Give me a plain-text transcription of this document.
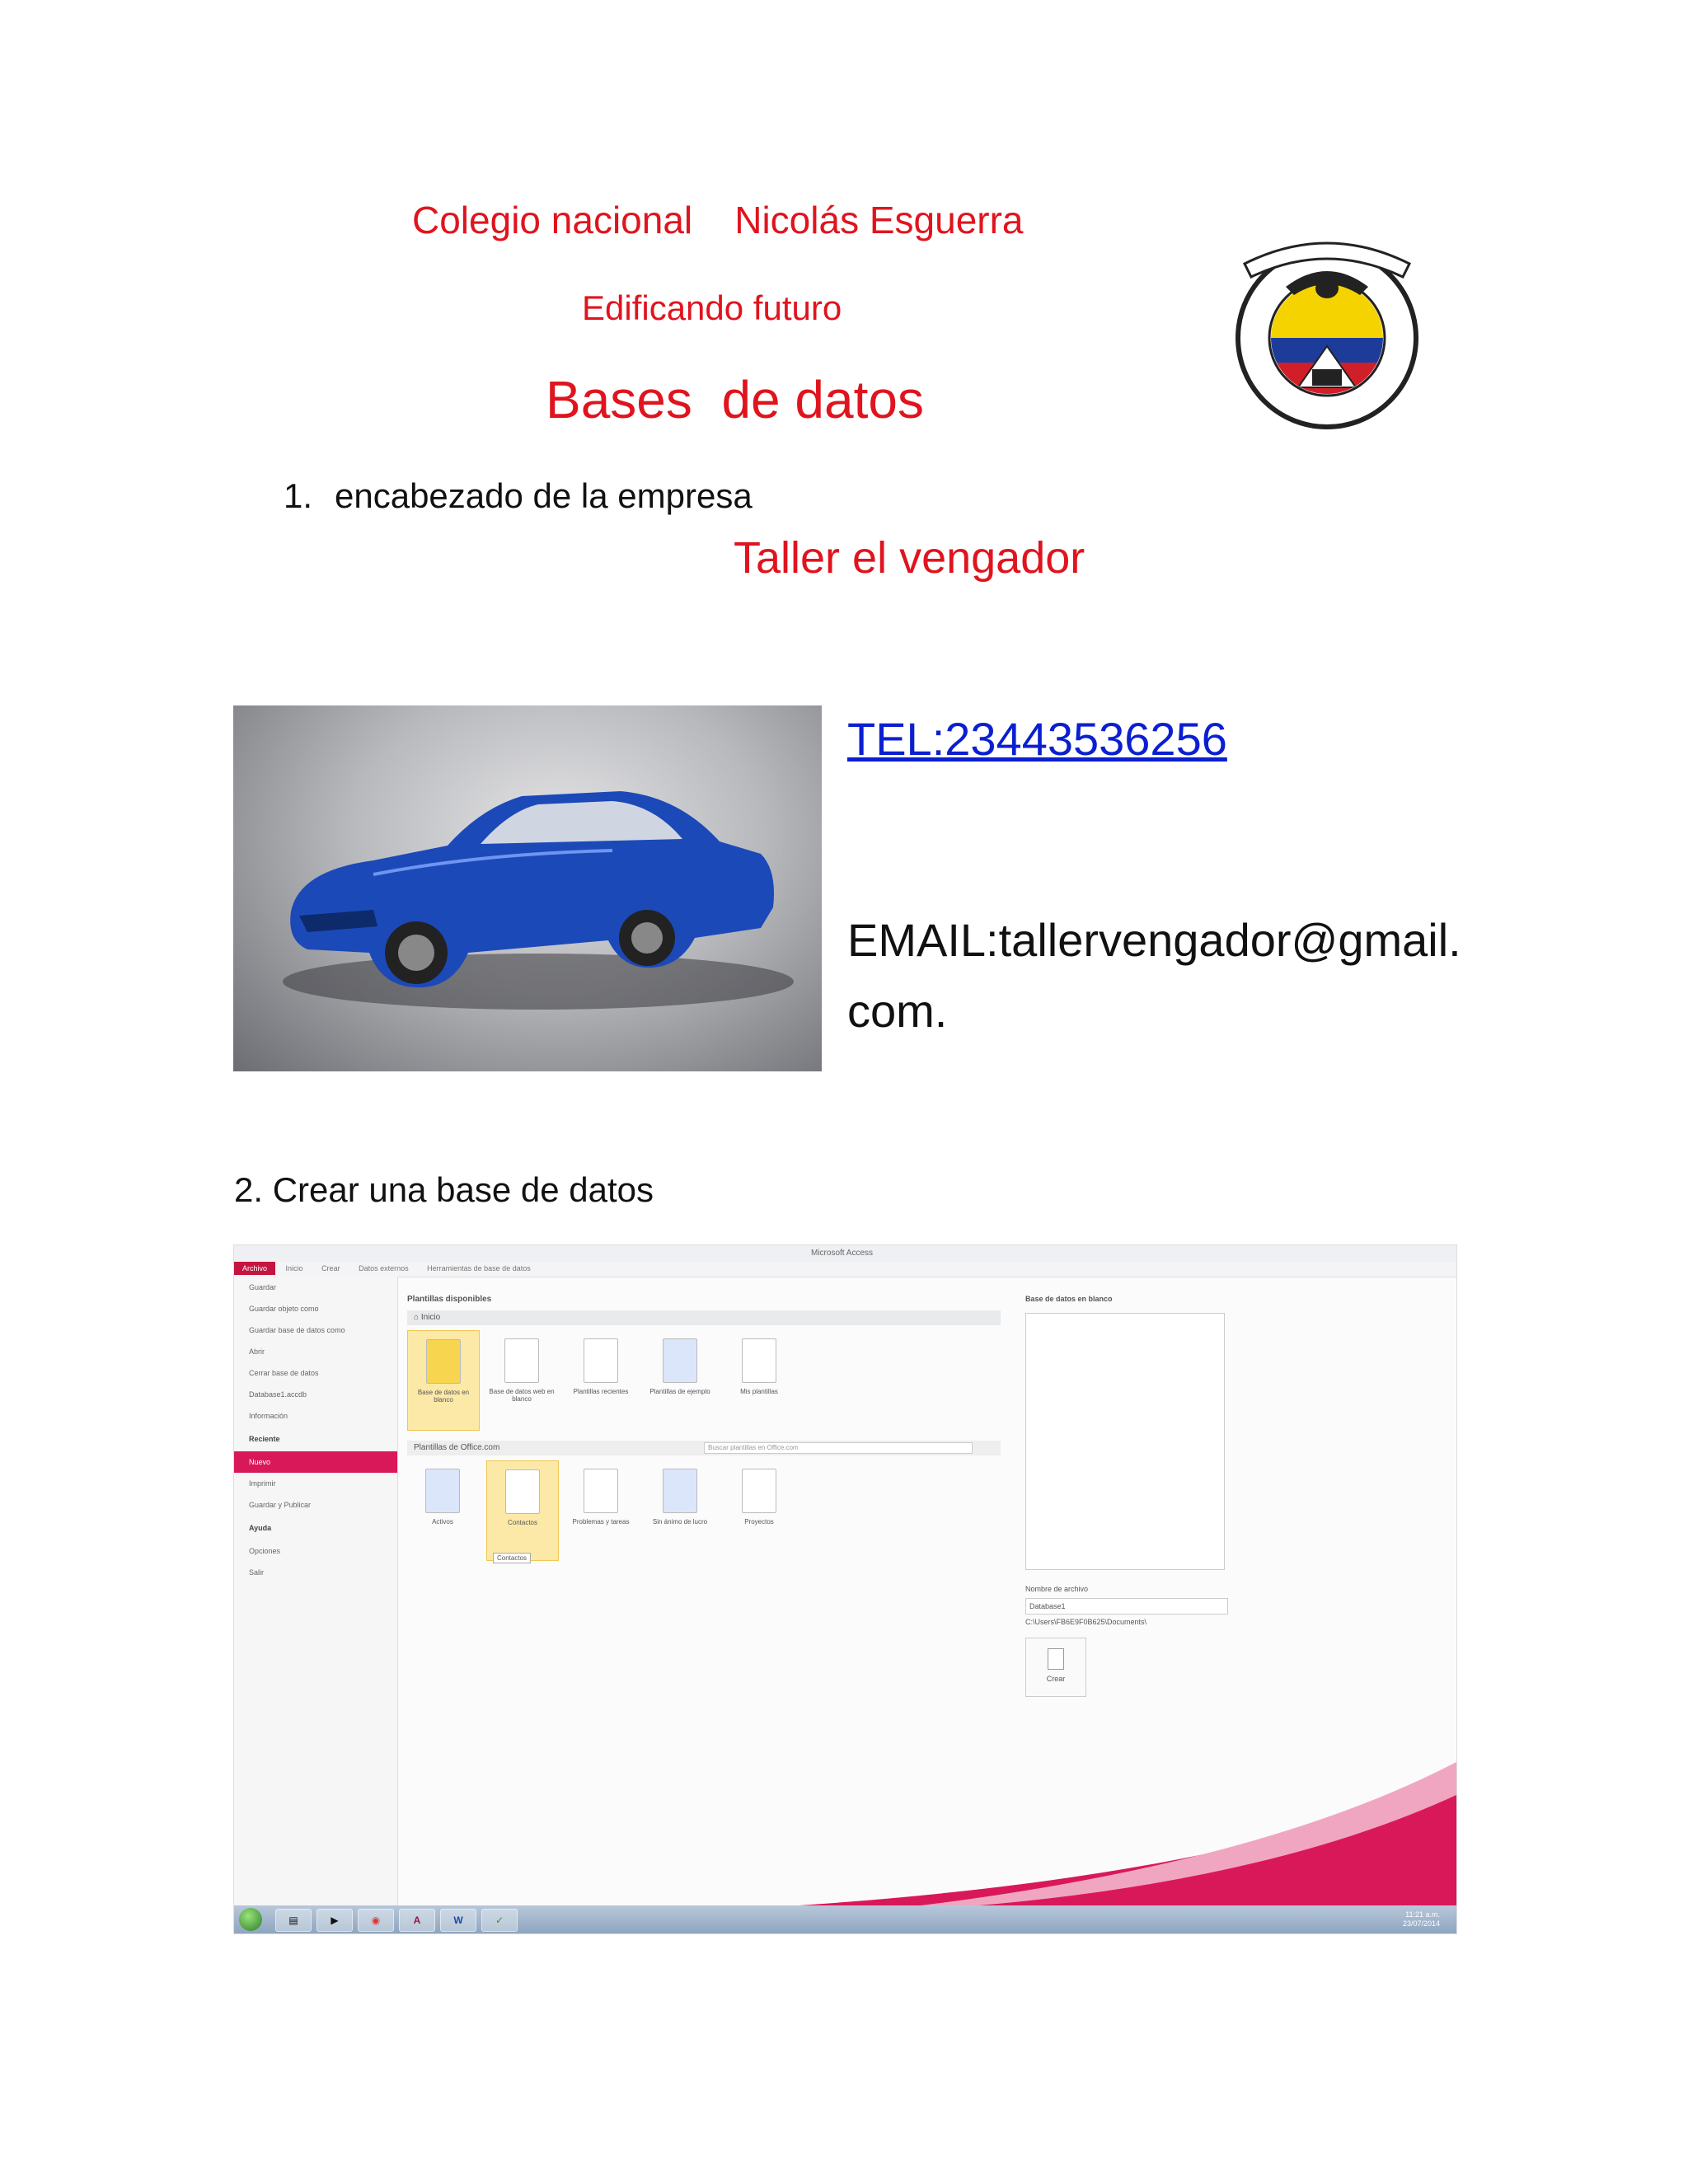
Colegio nacional    Nicolás Esguerra
Edificando futuro
Bases  de datos
1. encabezado de la empresa
Taller el vengador
TEL:23443536256
EMAIL:tallervengador@gmail.com.
2. Crear una base de datos
Microsoft Access
Archivo	Inicio	Crear	Datos externos	Herramientas de base de datos
Guardar
Guardar objeto como
Guardar base de datos como
Abrir
Cerrar base de datos
Database1.accdb
Información
Reciente
Nuevo
Imprimir
Guardar y Publicar
Ayuda
Opciones
Salir
Plantillas disponibles
⌂ Inicio
Base de datos en blanco
Base de datos web en blanco
Plantillas recientes	Plantillas de ejemplo	Mis plantillas
Plantillas de Office.com	Buscar plantillas en Office.com
Activos	Contactos	Problemas y tareas	Sin ánimo de lucro	Proyectos
Contactos
Base de datos en blanco
Nombre de archivo
Database1
C:\Users\FB6E9F0B625\Documents\
Crear
▤	▶	◉	A	W	✓	11:21 a.m.
23/07/2014
